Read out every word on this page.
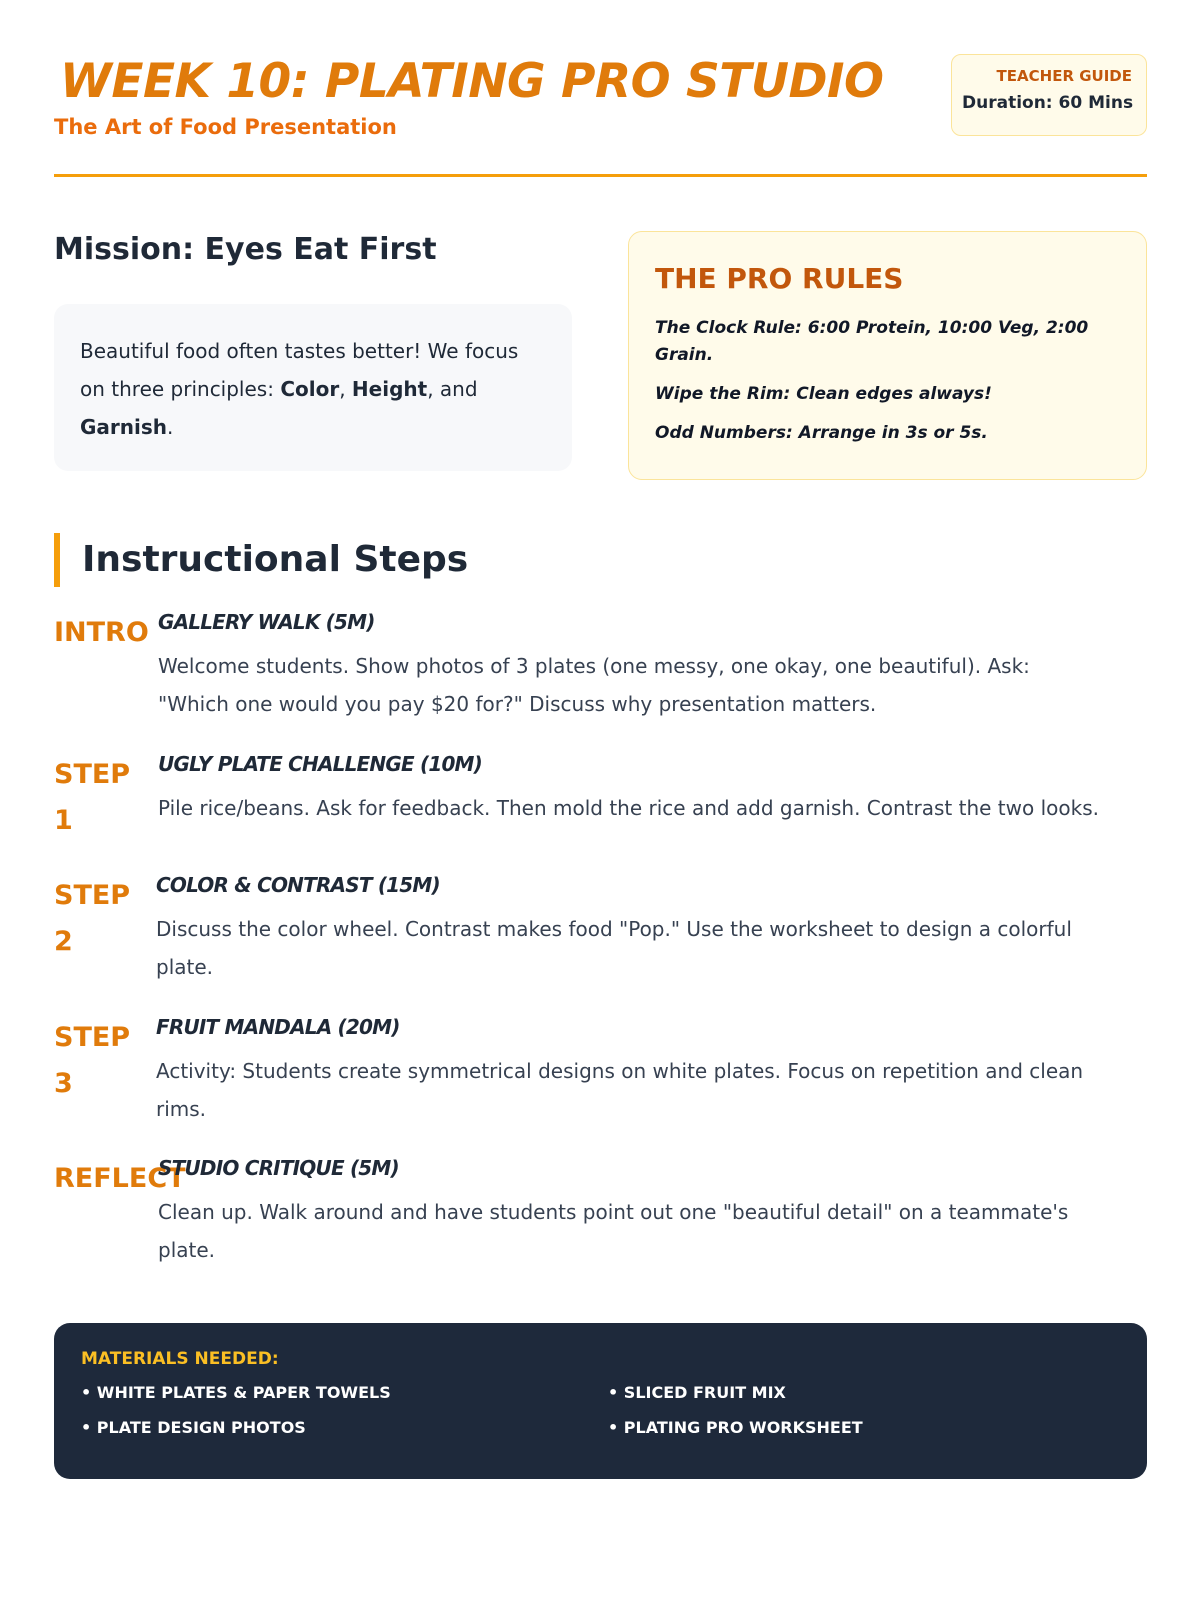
WEEK 10: PLATING PRO STUDIO
The Art of Food Presentation
TEACHER GUIDE
Duration: 60 Mins
Mission: Eyes Eat First
Beautiful food often tastes better! We focus on three principles: Color, Height, and Garnish.
THE PRO RULES
The Clock Rule: 6:00 Protein, 10:00 Veg, 2:00 Grain.
Wipe the Rim: Clean edges always!
Odd Numbers: Arrange in 3s or 5s.
Instructional Steps
INTRO GALLERY WALK (5M)
Welcome students. Show photos of 3 plates (one messy, one okay, one beautiful). Ask: "Which one would you pay $20 for?" Discuss why presentation matters.
STEP 1
UGLY PLATE CHALLENGE (10M)
Pile rice/beans. Ask for feedback. Then mold the rice and add garnish. Contrast the two looks.
STEP 2
COLOR & CONTRAST (15M)
Discuss the color wheel. Contrast makes food "Pop." Use the worksheet to design a colorful plate.
STEP 3
FRUIT MANDALA (20M)
Activity: Students create symmetrical designs on white plates. Focus on repetition and clean rims.
REFLECT
STUDIO CRITIQUE (5M)
Clean up. Walk around and have students point out one "beautiful detail" on a teammate's plate.
MATERIALS NEEDED:
• WHITE PLATES & PAPER TOWELS	• SLICED FRUIT MIX
• PLATE DESIGN PHOTOS	• PLATING PRO WORKSHEET
